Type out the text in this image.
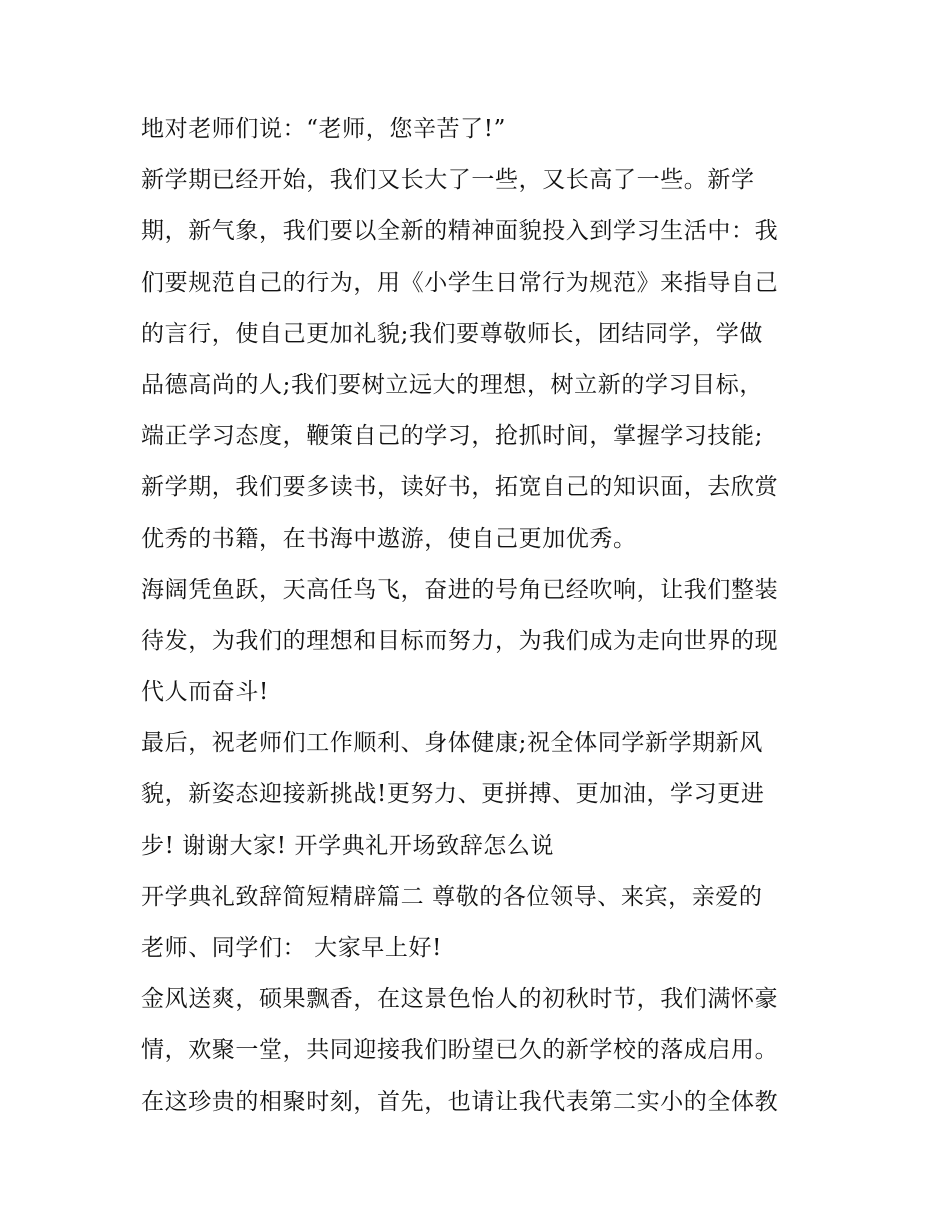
地对老师们说：“老师，您辛苦了!”
新学期已经开始，我们又长大了一些，又长高了一些。新学
期，新气象，我们要以全新的精神面貌投入到学习生活中：我
们要规范自己的行为，用《小学生日常行为规范》来指导自己
的言行，使自己更加礼貌;我们要尊敬师长，团结同学，学做
品德高尚的人;我们要树立远大的理想，树立新的学习目标，
端正学习态度，鞭策自己的学习，抢抓时间，掌握学习技能;
新学期，我们要多读书，读好书，拓宽自己的知识面，去欣赏
优秀的书籍，在书海中遨游，使自己更加优秀。
海阔凭鱼跃，天高任鸟飞，奋进的号角已经吹响，让我们整装
待发，为我们的理想和目标而努力，为我们成为走向世界的现
代人而奋斗!
最后，祝老师们工作顺利、身体健康;祝全体同学新学期新风
貌，新姿态迎接新挑战!更努力、更拼搏、更加油，学习更进
步! 谢谢大家! 开学典礼开场致辞怎么说
开学典礼致辞简短精辟篇二 尊敬的各位领导、来宾，亲爱的
老师、同学们： 大家早上好!
金风送爽，硕果飘香，在这景色怡人的初秋时节，我们满怀豪
情，欢聚一堂，共同迎接我们盼望已久的新学校的落成启用。
在这珍贵的相聚时刻，首先，也请让我代表第二实小的全体教
